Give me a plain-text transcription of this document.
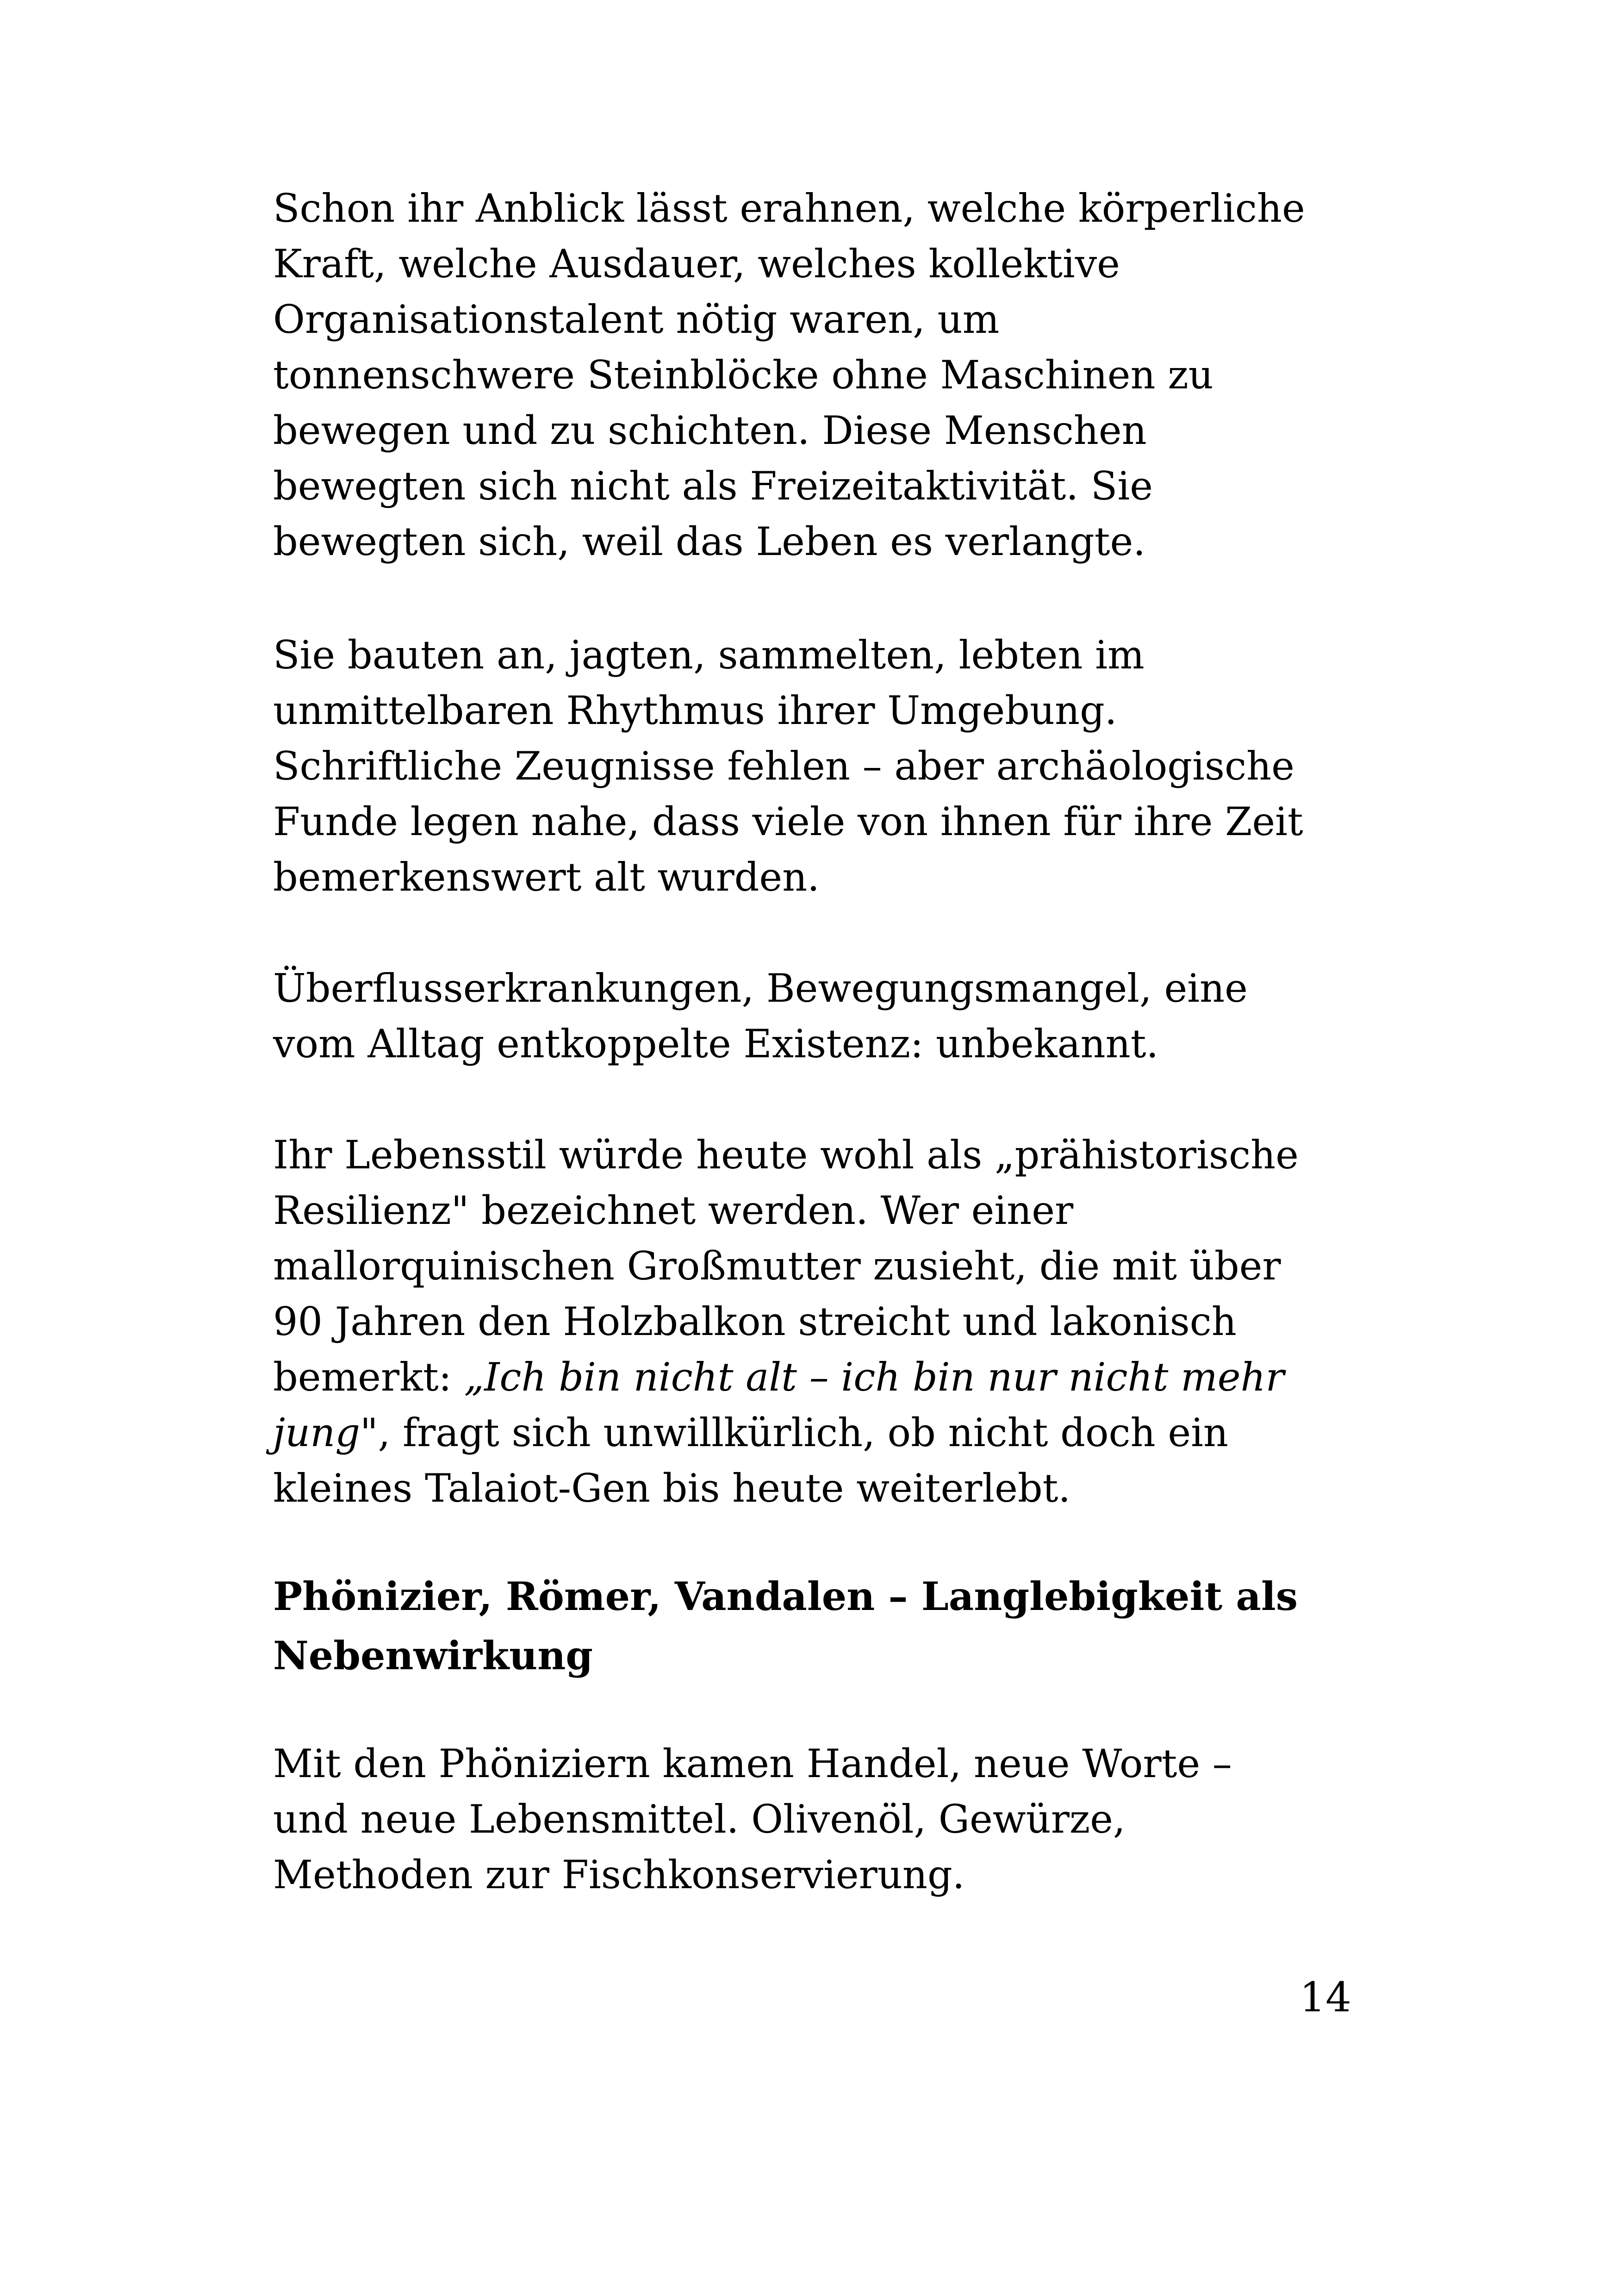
Schon ihr Anblick lässt erahnen, welche körperliche
Kraft, welche Ausdauer, welches kollektive
Organisationstalent nötig waren, um
tonnenschwere Steinblöcke ohne Maschinen zu
bewegen und zu schichten. Diese Menschen
bewegten sich nicht als Freizeitaktivität. Sie
bewegten sich, weil das Leben es verlangte.

Sie bauten an, jagten, sammelten, lebten im
unmittelbaren Rhythmus ihrer Umgebung.
Schriftliche Zeugnisse fehlen – aber archäologische
Funde legen nahe, dass viele von ihnen für ihre Zeit
bemerkenswert alt wurden.

Überflusserkrankungen, Bewegungsmangel, eine
vom Alltag entkoppelte Existenz: unbekannt.

Ihr Lebensstil würde heute wohl als „prähistorische
Resilienz" bezeichnet werden. Wer einer
mallorquinischen Großmutter zusieht, die mit über
90 Jahren den Holzbalkon streicht und lakonisch
bemerkt: „Ich bin nicht alt – ich bin nur nicht mehr
jung", fragt sich unwillkürlich, ob nicht doch ein
kleines Talaiot-Gen bis heute weiterlebt.

Phönizier, Römer, Vandalen – Langlebigkeit als
Nebenwirkung

Mit den Phöniziern kamen Handel, neue Worte –
und neue Lebensmittel. Olivenöl, Gewürze,
Methoden zur Fischkonservierung.

14
